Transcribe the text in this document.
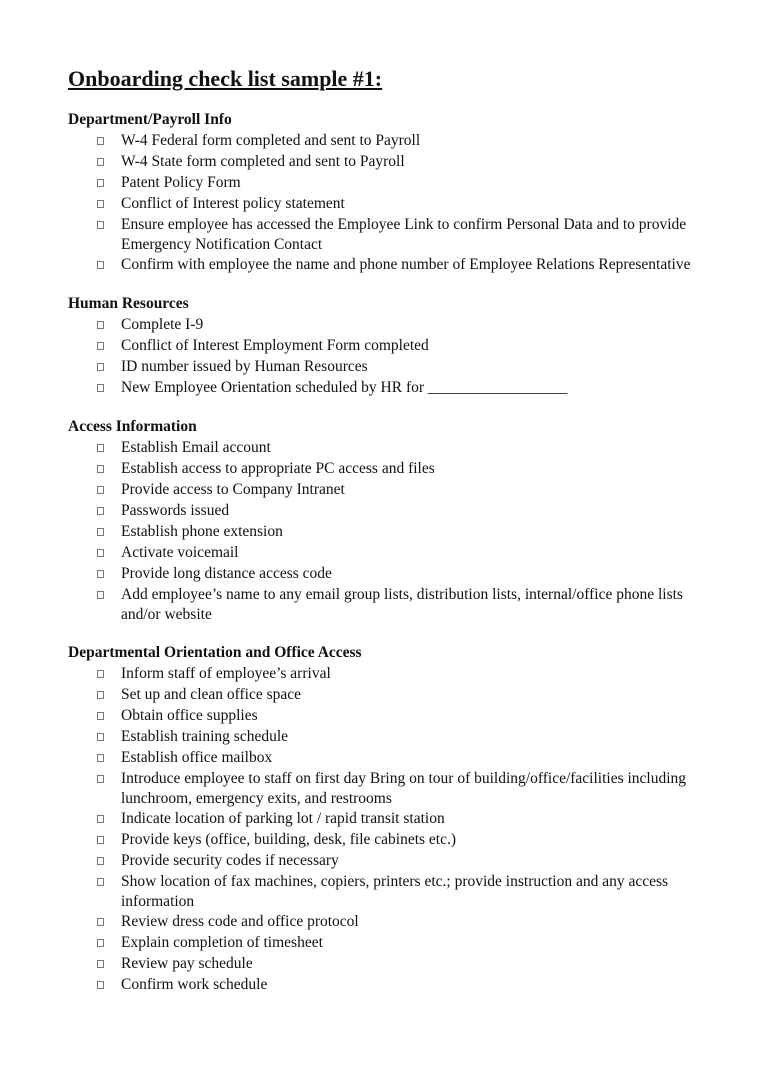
Onboarding check list sample #1:
Department/Payroll Info
W-4 Federal form completed and sent to Payroll
W-4 State form completed and sent to Payroll
Patent Policy Form
Conflict of Interest policy statement
Ensure employee has accessed the Employee Link to confirm Personal Data and to provide Emergency Notification Contact
Confirm with employee the name and phone number of Employee Relations Representative
Human Resources
Complete I-9
Conflict of Interest Employment Form completed
ID number issued by Human Resources
New Employee Orientation scheduled by HR for __________________
Access Information
Establish Email account
Establish access to appropriate PC access and files
Provide access to Company Intranet
Passwords issued
Establish phone extension
Activate voicemail
Provide long distance access code
Add employee’s name to any email group lists, distribution lists, internal/office phone lists and/or website
Departmental Orientation and Office Access
Inform staff of employee’s arrival
Set up and clean office space
Obtain office supplies
Establish training schedule
Establish office mailbox
Introduce employee to staff on first day Bring on tour of building/office/facilities including lunchroom, emergency exits, and restrooms
Indicate location of parking lot / rapid transit station
Provide keys (office, building, desk, file cabinets etc.)
Provide security codes if necessary
Show location of fax machines, copiers, printers etc.; provide instruction and any access information
Review dress code and office protocol
Explain completion of timesheet
Review pay schedule
Confirm work schedule
